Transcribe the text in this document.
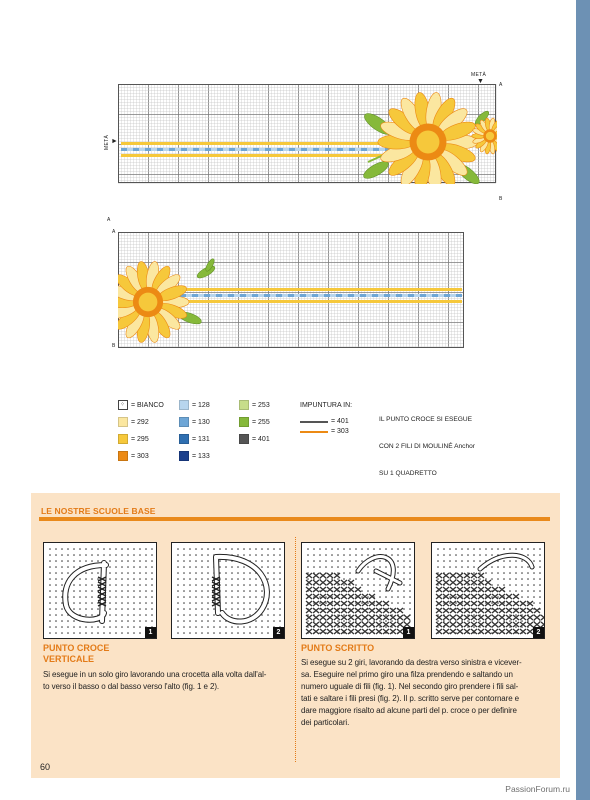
METÀ
▼
METÀ ►
A
B
A
A
B
⁘ = BIANCO
= 292
= 295
= 303
= 128
= 130
= 131
= 133
= 253
= 255
= 401
IMPUNTURA IN:
= 401
= 303

IL PUNTO CROCE SI ESEGUE

CON 2 FILI DI MOULINÉ Anchor

SU 1 QUADRETTO

LE NOSTRE SCUOLE BASE
1	2	1	2
PUNTO CROCE
VERTICALE
Si esegue in un solo giro lavorando una crocetta alla volta dall'al-
to verso il basso o dal basso verso l'alto (fig. 1 e 2).
PUNTO SCRITTO
Si esegue su 2 giri, lavorando da destra verso sinistra e vicever-
sa. Eseguire nel primo giro una filza prendendo e saltando un
numero uguale di fili (fig. 1). Nel secondo giro prendere i fili sal-
tati e saltare i fili presi (fig. 2). Il p. scritto serve per contornare e
dare maggiore risalto ad alcune parti del p. croce o per definire
dei particolari.
60
PassionForum.ru
